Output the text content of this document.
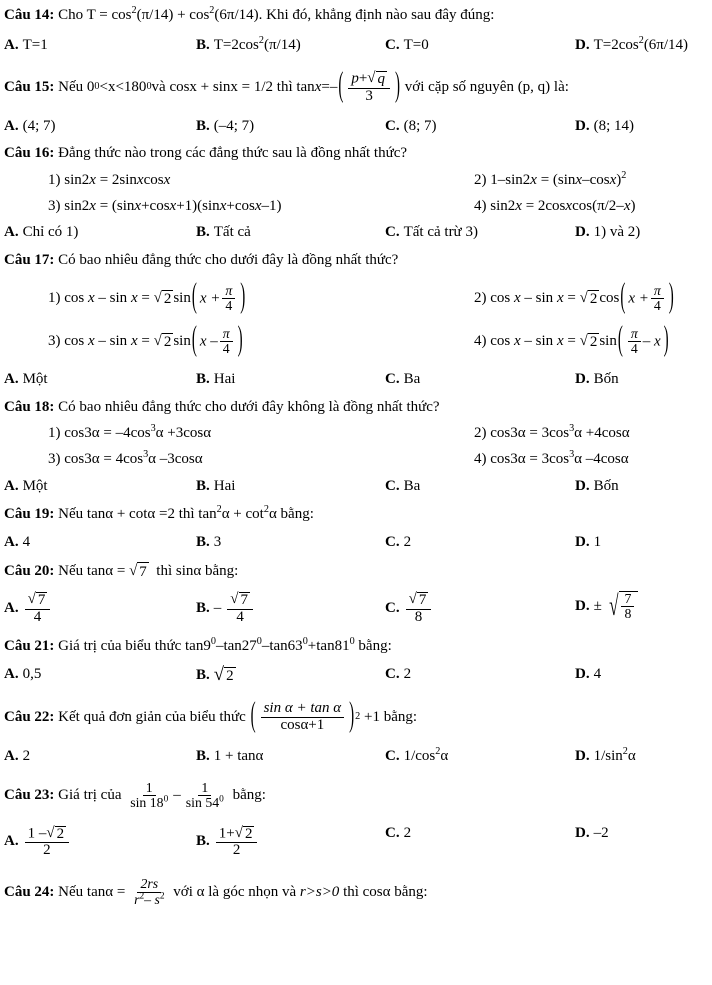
Câu 14: Cho $T = \cos^2(\pi/14) + \cos^2(6\pi/14)$. Khi đó, khẳng định nào sau đây đúng:
A. T=1	B. $T=2\cos^2(\pi/14)$	C. T=0	D. $T=2\cos^2(6\pi/14)$
Câu 15:
Nếu 0 0 <x<180 0 và cosx + sinx = 1/2 thì tan x = – ( $\frac{p+ √ q}{3}$ )
với cặp số nguyên (p, q) là:
A. (4; 7)	B. (–4; 7)	C. (8; 7)	D. (8; 14)
Câu 16: Đẳng thức nào trong các đẳng thức sau là đồng nhất thức?
1) sin2x = 2sinxcosx	2) $1-\sin 2x = (\sin x-\cos x)^2$
3) sin2x = (sinx+cosx+1)(sinx+cosx–1)	4) sin2x = 2cosxcos(π/2–x)
A. Chỉ có 1)	B. Tất cả	C. Tất cả trừ 3)	D. 1) và 2)
Câu 17: Có bao nhiêu đẳng thức cho dưới đây là đồng nhất thức?
1)
cos x – sin x =
√ 2 sin ( $x + \frac{\pi}{4}$ )	2)
cos x – sin x =
√ 2 cos ( $x + \frac{\pi}{4}$ )
3)
cos x – sin x =
√ 2 sin ( x – $\frac{\pi}{4}$ )	4)
cos x – sin x =
√ 2 sin ( $\frac{\pi}{4}$ – x )
A. Một	B. Hai	C. Ba	D. Bốn
Câu 18: Có bao nhiêu đẳng thức cho dưới đây không là đồng nhất thức?
1) $\cos 3\alpha = -4\cos^3\alpha +3\cos\alpha$	2) $\cos 3\alpha = 3\cos^3\alpha +4\cos\alpha$
3) $\cos 3\alpha = 4\cos^3\alpha$ –3cosα	4) $\cos 3\alpha = 3\cos^3\alpha$ –4cosα
A. Một	B. Hai	C. Ba	D. Bốn
Câu 19: Nếu tanα + cotα =2 thì $\tan^2\alpha + \cot^2\alpha$ bằng:
A. 4	B. 3	C. 2	D. 1
Câu 20:
Nếu tanα =
√ 7
thì sinα bằng:
A. $\frac{√ 7}{4}$	B. – $\frac{√ 7}{4}$	C. $\frac{√ 7}{8}$	D. ± √ $\frac{7}{8}$
Câu 21: Giá trị của biểu thức $\tan 9^0-\tan 27^0-\tan 63^0+\tan 81^0$ bằng:
A. 0,5	B. √ 2	C. 2	D. 4
Câu 22:
Kết quả đơn giản của biểu thức
( $\frac{\text{sin α + tan α}}{\cos\alpha+1}$ ) 2
+1 bằng:
A. 2	B. 1 + tanα	C. $1/\cos^2\alpha$	D. $1/\sin^2\alpha$
Câu 23:
Giá trị của
$\frac{1}{\sin 18^0} - \frac{1}{\sin 54^0}$
bằng:
A. $\frac{1 - √ 2}{2}$	B. $\frac{1+ √ 2}{2}$	C. 2	D. –2
Câu 24:
Nếu tanα =
$\frac{2rs}{r^2- s^2}$
với α là góc nhọn và
r>s>0
thì cosα bằng:
